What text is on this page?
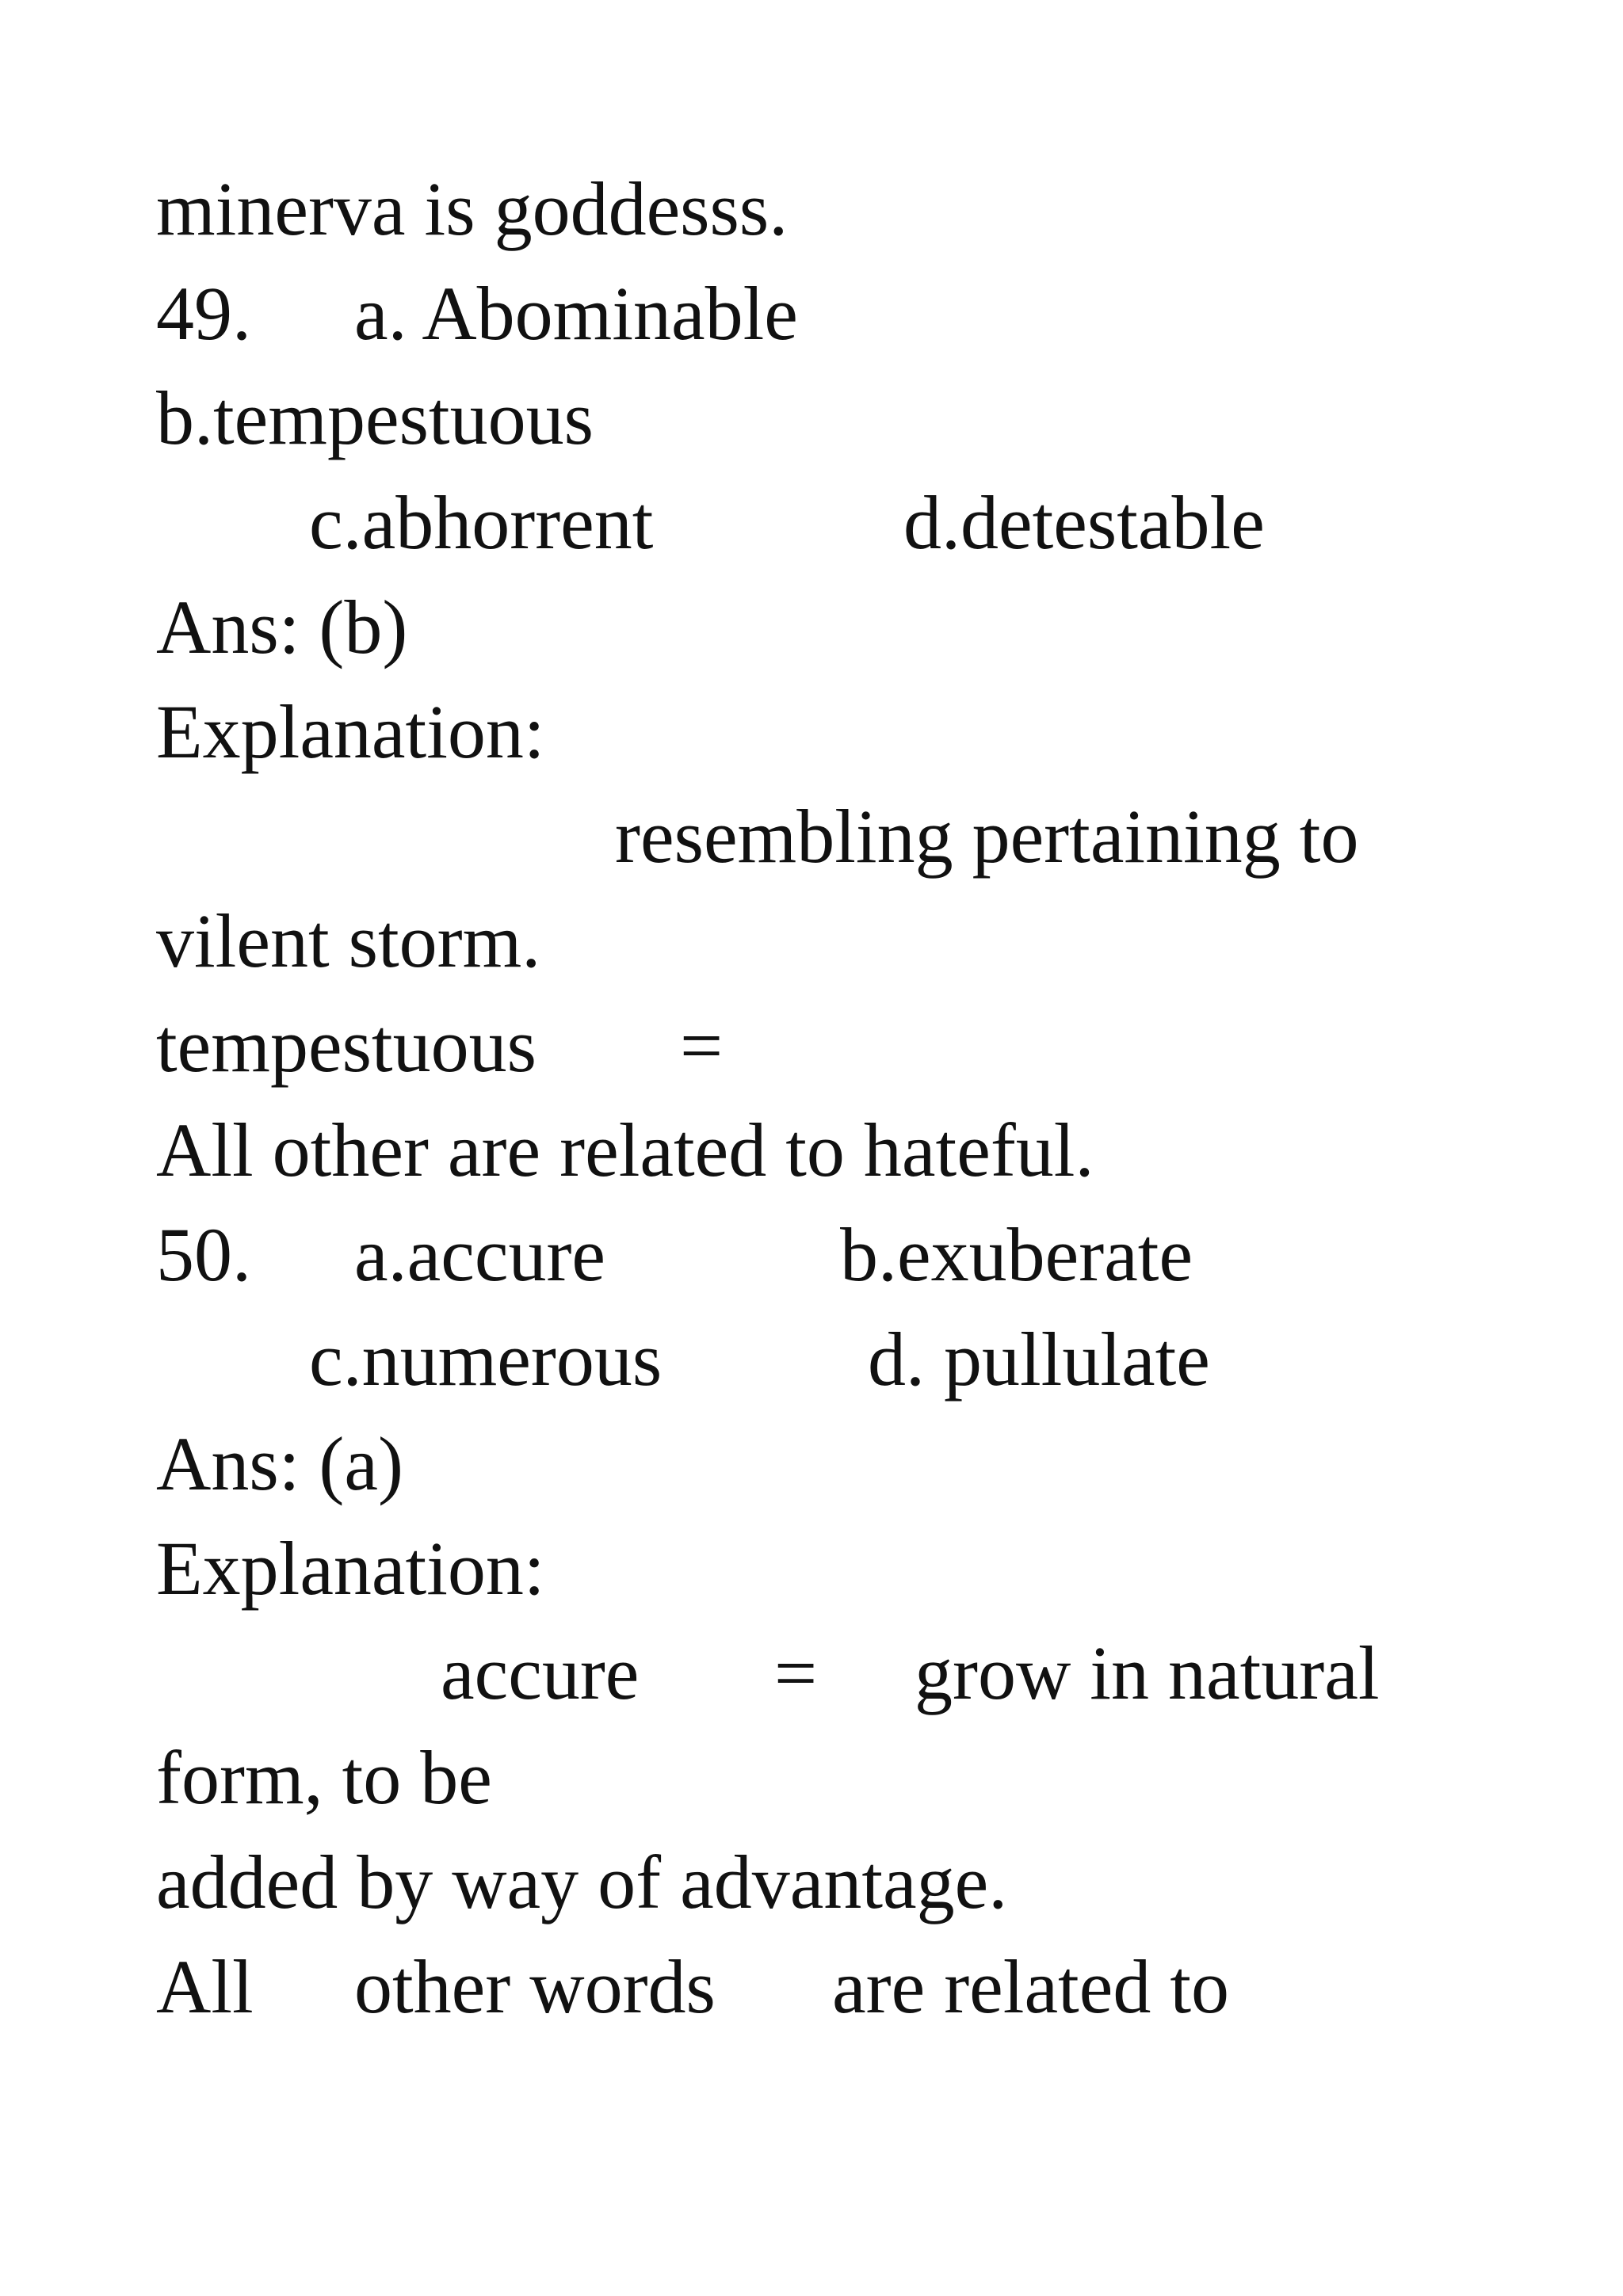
minerva is goddesss.
49. a. Abominable
b.tempestuous
c.abhorrent	d.detestable
Ans: (b)
Explanation:
resembling pertaining to
vilent storm.
tempestuous =
All other are related to hateful.
50. a.accure	b.exuberate
c.numerous	d. pullulate
Ans: (a)
Explanation:
accure = grow in natural
form, to be
added by way of advantage.
All other words are related to
